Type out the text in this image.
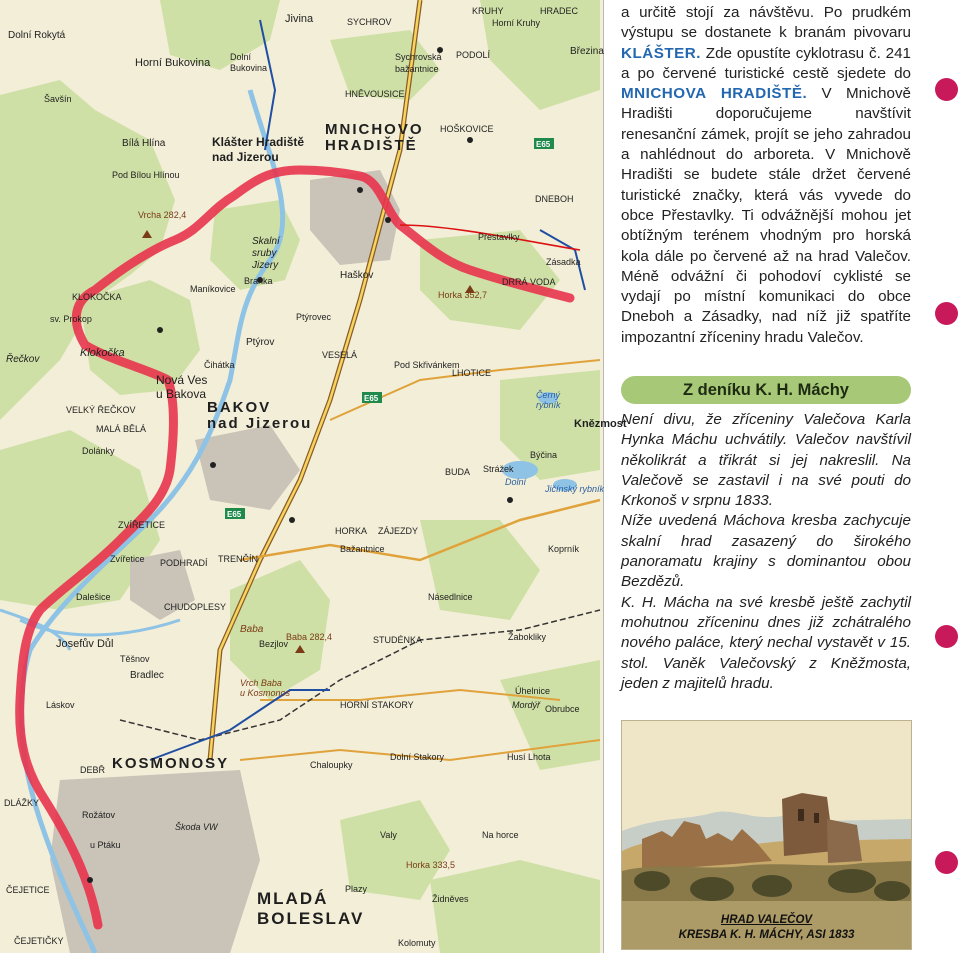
MNICHOVO
HRADIŠTĚ
BAKOV
nad Jizerou
KOSMONOSY
MLADÁ
BOLESLAV
Klášter Hradiště
nad Jizerou
Dolní Rokytá
Horní Bukovina Dolní
Bukovina
Bílá Hlína
Pod Bílou Hlínou
Jivina	SYCHROV
Sychrovská
bažantnice
HNĚVOUSICE
HOŠKOVICE
PODOLÍ
KRUHY
Horní Kruhy
HRADEC
Březina
DNEBOH
Přestavlky
DRRÁ VODA
Zásadka
Haškov
Ptýrovec
Ptýrov
Maníkovice
Branka
KLOKOČKA
sv. Prokop
Klokočka
Řečkov
Nová Ves
u Bakova
Čihátka
VELKÝ ŘEČKOV
MALÁ BĚLÁ
Dolánky
VESELÁ
Pod Skřivánkem
LHOTICE
BUDA Strážek
Býčina
Knězmost
ZVÍŘETICE
Zvířetice PODHRADÍ TRENČÍN
HORKA ZÁJEZDY
Bažantnice	Koprník
Dalešice
CHUDOPLESY
Násedlnice
Josefův Důl
Těšnov
Bradlec
STUDÉNKA	Žabokliky
Úhelnice
Baba
Bezjlov
Vrch Baba
u Kosmonos
HORNÍ STAKORY
Chaloupky
Dolní Stakory	Husí Lhota
DEBŘ
Rožátov
u Ptáku
Škoda VW
Valy
Plazy
Židněves
ČEJETICE
ČEJETIČKY
DLÁŽKY
Láskov
Skalní
sruby
Jizery
Obrubce
Mordýř
Na horce
Kolomuty
Černý
rybník
Dolní
Jičínský rybník
Šavšín
Horka 352,7
Baba 282,4
Horka 333,5
Vrcha 282,4
E65
E65
E65

a určitě stojí za návštěvu. Po prudkém výstupu se dostanete k branám pivovaru KLÁŠTER. Zde opustíte cyklotrasu č. 241 a po červené turistické cestě sjedete do MNICHOVA HRADIŠTĚ. V Mnichově Hradišti doporučujeme navštívit renesanční zámek, projít se jeho zahradou a nahlédnout do arboreta. V Mnichově Hradišti se budete stále držet červené turistické značky, která vás vyvede do obce Přestavlky. Ti odvážnější mohou jet obtížným terénem vhodným pro horská kola dále po červené až na hrad Valečov. Méně odvážní či pohodoví cyklisté se vydají po místní komunikaci do obce Dneboh a Zásadky, nad níž již spatříte impozantní zříceniny hradu Valečov.

Z deníku K. H. Máchy

Není divu, že zříceniny Valečova Karla Hynka Máchu uchvátily. Valečov navštívil několikrát a třikrát si jej nakreslil. Na Valečově se zastavil i na své pouti do Krkonoš v srpnu 1833.

Níže uvedená Máchova kresba zachycuje skalní hrad zasazený do širokého panoramatu krajiny s dominantou obou Bezdězů.

K. H. Mácha na své kresbě ještě zachytil mohutnou zříceninu dnes již zchátralého nového paláce, který nechal vystavět v 15. stol. Vaněk Valečovský z Kněžmosta, jeden z majitelů hradu.

HRAD VALEČOV
KRESBA K. H. MÁCHY, ASI 1833
